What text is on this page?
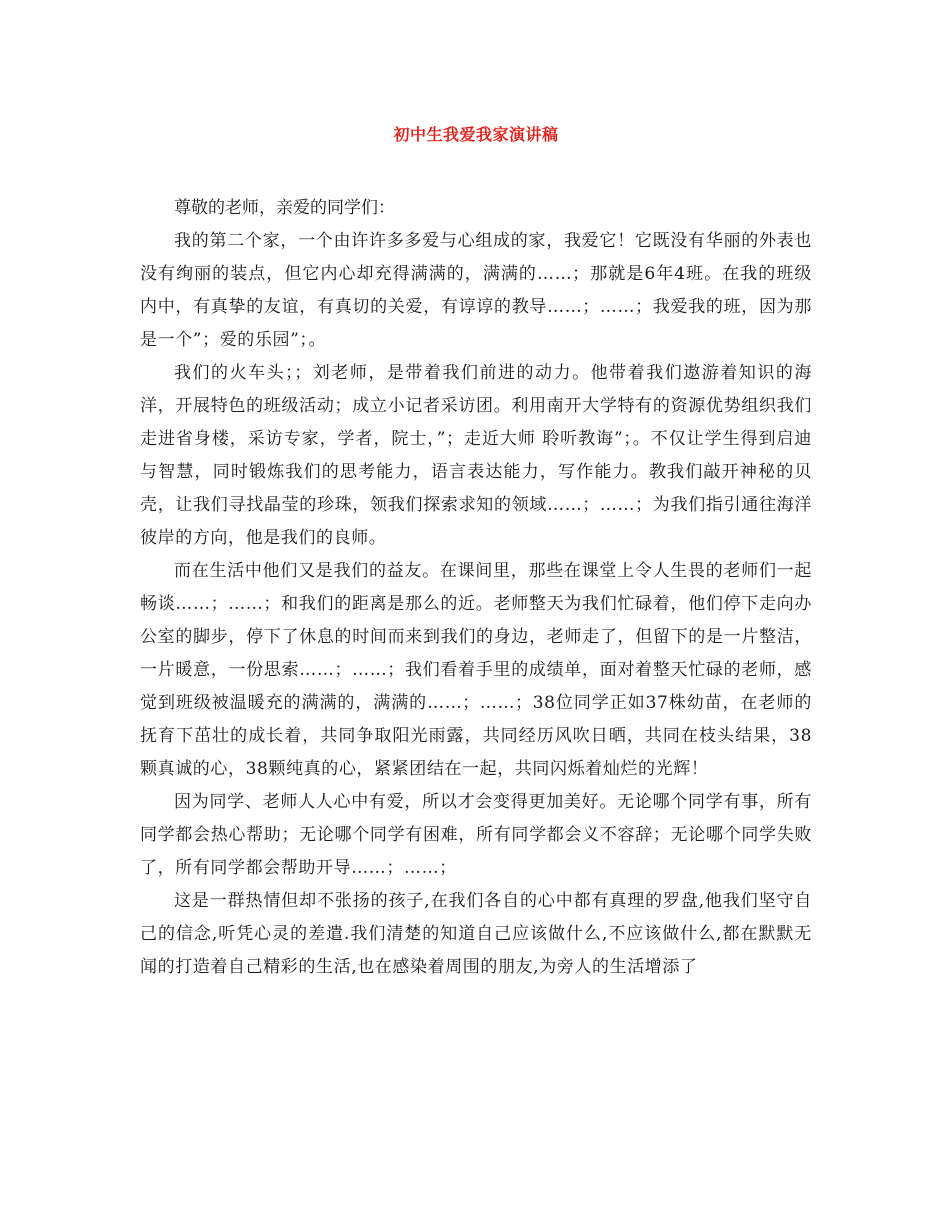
初中生我爱我家演讲稿

尊敬的老师，亲爱的同学们：

我的第二个家，一个由许许多多爱与心组成的家，我爱它！它既没有华丽的外表也没有绚丽的装点，但它内心却充得满满的，满满的……；那就是6年4班。在我的班级内中，有真挚的友谊，有真切的关爱，有谆谆的教导……；……；我爱我的班，因为那是一个”；爱的乐园”；。

我们的火车头；；刘老师，是带着我们前进的动力。他带着我们遨游着知识的海洋，开展特色的班级活动；成立小记者采访团。利用南开大学特有的资源优势组织我们走进省身楼，采访专家，学者，院士，”；走近大师 聆听教诲”；。不仅让学生得到启迪与智慧，同时锻炼我们的思考能力，语言表达能力，写作能力。教我们敲开神秘的贝壳，让我们寻找晶莹的珍珠，领我们探索求知的领域……；……；为我们指引通往海洋彼岸的方向，他是我们的良师。

而在生活中他们又是我们的益友。在课间里，那些在课堂上令人生畏的老师们一起畅谈……；……；和我们的距离是那么的近。老师整天为我们忙碌着，他们停下走向办公室的脚步，停下了休息的时间而来到我们的身边，老师走了，但留下的是一片整洁，一片暖意，一份思索……；……；我们看着手里的成绩单，面对着整天忙碌的老师，感觉到班级被温暖充的满满的，满满的……；……；38位同学正如37株幼苗，在老师的抚育下茁壮的成长着，共同争取阳光雨露，共同经历风吹日晒，共同在枝头结果，38颗真诚的心，38颗纯真的心，紧紧团结在一起，共同闪烁着灿烂的光辉！

因为同学、老师人人心中有爱，所以才会变得更加美好。无论哪个同学有事，所有同学都会热心帮助；无论哪个同学有困难，所有同学都会义不容辞；无论哪个同学失败了，所有同学都会帮助开导……；……；

这是一群热情但却不张扬的孩子,在我们各自的心中都有真理的罗盘,他我们坚守自己的信念,听凭心灵的差遣.我们清楚的知道自己应该做什么,不应该做什么,都在默默无闻的打造着自己精彩的生活,也在感染着周围的朋友,为旁人的生活增添了
